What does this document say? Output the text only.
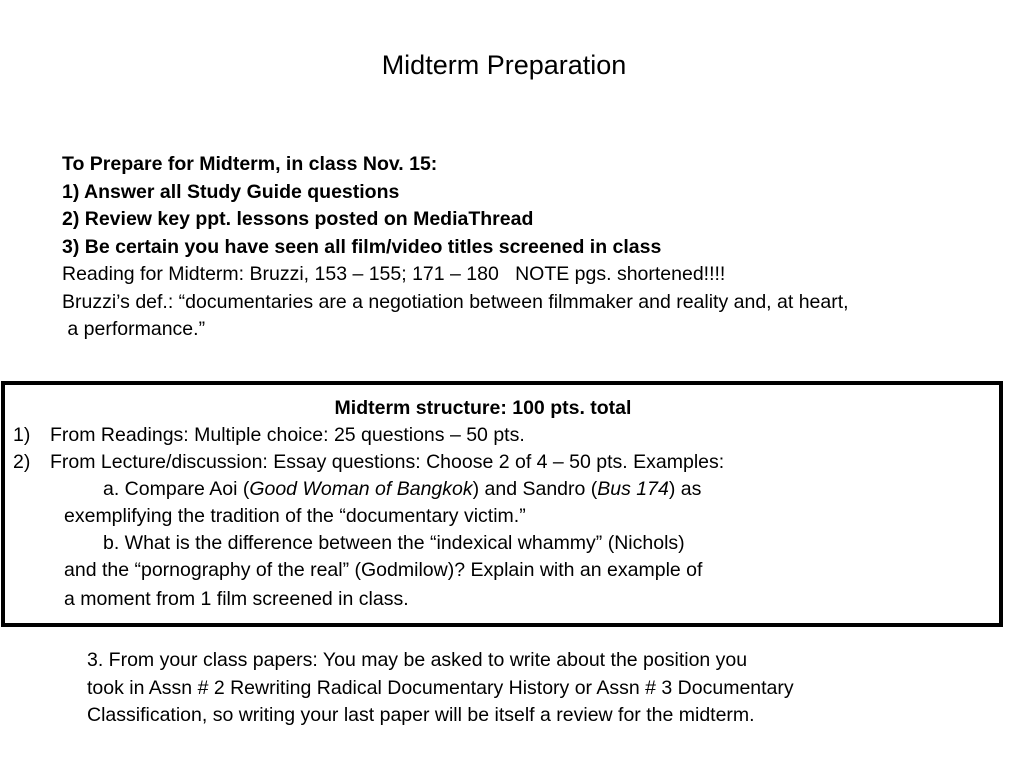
Midterm Preparation
To Prepare for Midterm, in class Nov. 15:
1) Answer all Study Guide questions
2) Review key ppt. lessons posted on MediaThread
3) Be certain you have seen all film/video titles screened in class
Reading for Midterm: Bruzzi, 153 – 155; 171 – 180   NOTE pgs. shortened!!!!
Bruzzi’s def.: “documentaries are a negotiation between filmmaker and reality and, at heart,
a performance.”
Midterm structure: 100 pts. total
1) From Readings: Multiple choice: 25 questions – 50 pts.
2) From Lecture/discussion: Essay questions: Choose 2 of 4 – 50 pts. Examples:
a. Compare Aoi (Good Woman of Bangkok) and Sandro (Bus 174) as
exemplifying the tradition of the “documentary victim.”
b. What is the difference between the “indexical whammy” (Nichols)
and the “pornography of the real” (Godmilow)? Explain with an example of
a moment from 1 film screened in class.
3. From your class papers: You may be asked to write about the position you
took in Assn # 2 Rewriting Radical Documentary History or Assn # 3 Documentary
Classification, so writing your last paper will be itself a review for the midterm.
